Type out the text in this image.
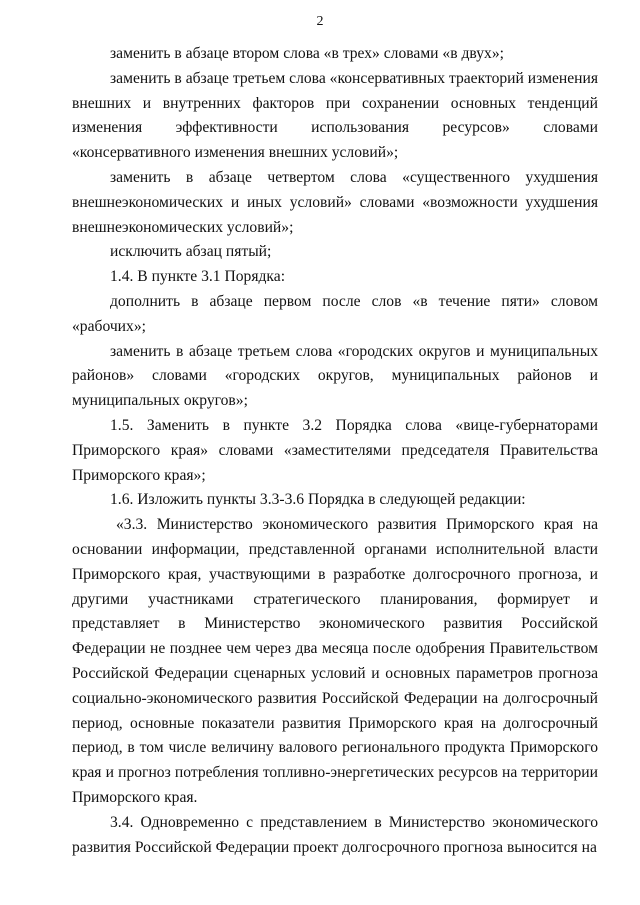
2

заменить в абзаце втором слова «в трех» словами «в двух»;

заменить в абзаце третьем слова «консервативных траекторий изменения внешних и внутренних факторов при сохранении основных тенденций изменения эффективности использования ресурсов» словами «консервативного изменения внешних условий»;

заменить в абзаце четвертом слова «существенного ухудшения внешнеэкономических и иных условий» словами «возможности ухудшения внешнеэкономических условий»;

исключить абзац пятый;

1.4. В пункте 3.1 Порядка:

дополнить в абзаце первом после слов «в течение пяти» словом «рабочих»;

заменить в абзаце третьем слова «городских округов и муниципальных районов» словами «городских округов, муниципальных районов и муниципальных округов»;

1.5. Заменить в пункте 3.2 Порядка слова «вице-губернаторами Приморского края» словами «заместителями председателя Правительства Приморского края»;

1.6. Изложить пункты 3.3-3.6 Порядка в следующей редакции:

«3.3. Министерство экономического развития Приморского края на основании информации, представленной органами исполнительной власти Приморского края, участвующими в разработке долгосрочного прогноза, и другими участниками стратегического планирования, формирует и представляет в Министерство экономического развития Российской Федерации не позднее чем через два месяца после одобрения Правительством Российской Федерации сценарных условий и основных параметров прогноза социально-экономического развития Российской Федерации на долгосрочный период, основные показатели развития Приморского края на долгосрочный период, в том числе величину валового регионального продукта Приморского края и прогноз потребления топливно-энергетических ресурсов на территории Приморского края.

3.4. Одновременно с представлением в Министерство экономического развития Российской Федерации проект долгосрочного прогноза выносится на
